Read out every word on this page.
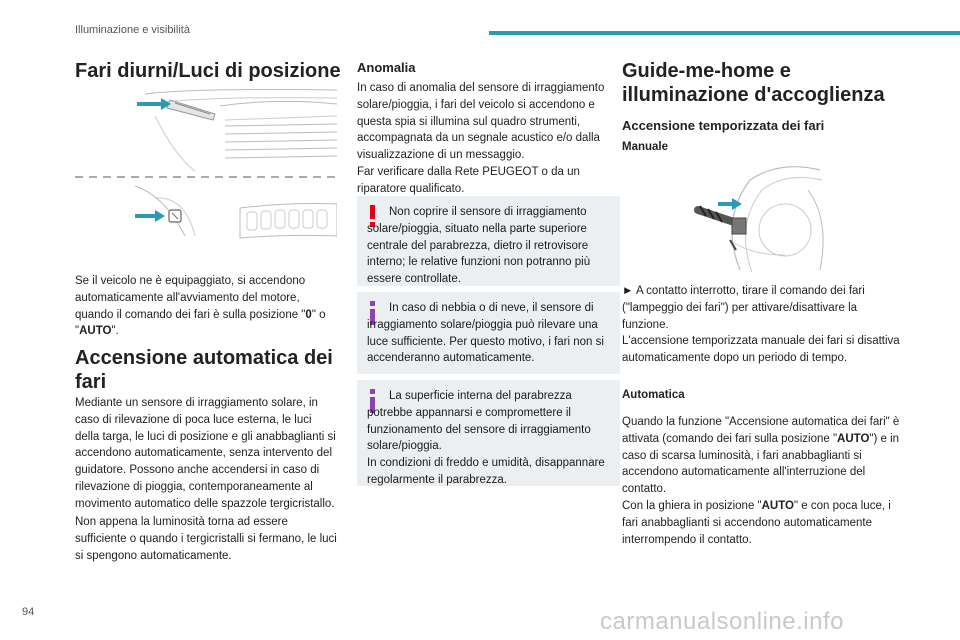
Illuminazione e visibilità
Fari diurni/Luci di posizione
Se il veicolo ne è equipaggiato, si accendono automaticamente all'avviamento del motore, quando il comando dei fari è sulla posizione "0" o "AUTO".
Accensione automatica dei fari
Mediante un sensore di irraggiamento solare, in caso di rilevazione di poca luce esterna, le luci della targa, le luci di posizione e gli anabbaglianti si accendono automaticamente, senza intervento del guidatore. Possono anche accendersi in caso di rilevazione di pioggia, contemporaneamente al movimento automatico delle spazzole tergicristallo.
Non appena la luminosità torna ad essere sufficiente o quando i tergicristalli si fermano, le luci si spengono automaticamente.
Anomalia
In caso di anomalia del sensore di irraggiamento solare/pioggia, i fari del veicolo si accendono e questa spia si illumina sul quadro strumenti, accompagnata da un segnale acustico e/o dalla visualizzazione di un messaggio.
Far verificare dalla Rete PEUGEOT o da un riparatore qualificato.
Non coprire il sensore di irraggiamento solare/pioggia, situato nella parte superiore centrale del parabrezza, dietro il retrovisore interno; le relative funzioni non potranno più essere controllate.
In caso di nebbia o di neve, il sensore di irraggiamento solare/pioggia può rilevare una luce sufficiente. Per questo motivo, i fari non si accenderanno automaticamente.
La superficie interna del parabrezza potrebbe appannarsi e compromettere il funzionamento del sensore di irraggiamento solare/pioggia.
In condizioni di freddo e umidità, disappannare regolarmente il parabrezza.
Guide-me-home e illuminazione d'accoglienza
Accensione temporizzata dei fari
Manuale
► A contatto interrotto, tirare il comando dei fari ("lampeggio dei fari") per attivare/disattivare la funzione.
L'accensione temporizzata manuale dei fari si disattiva automaticamente dopo un periodo di tempo.
Automatica
Quando la funzione "Accensione automatica dei fari" è attivata (comando dei fari sulla posizione "AUTO") e in caso di scarsa luminosità, i fari anabbaglianti si accendono automaticamente all'interruzione del contatto.
Con la ghiera in posizione "AUTO" e con poca luce, i fari anabbaglianti si accendono automaticamente interrompendo il contatto.
94	carmanualsonline.info
